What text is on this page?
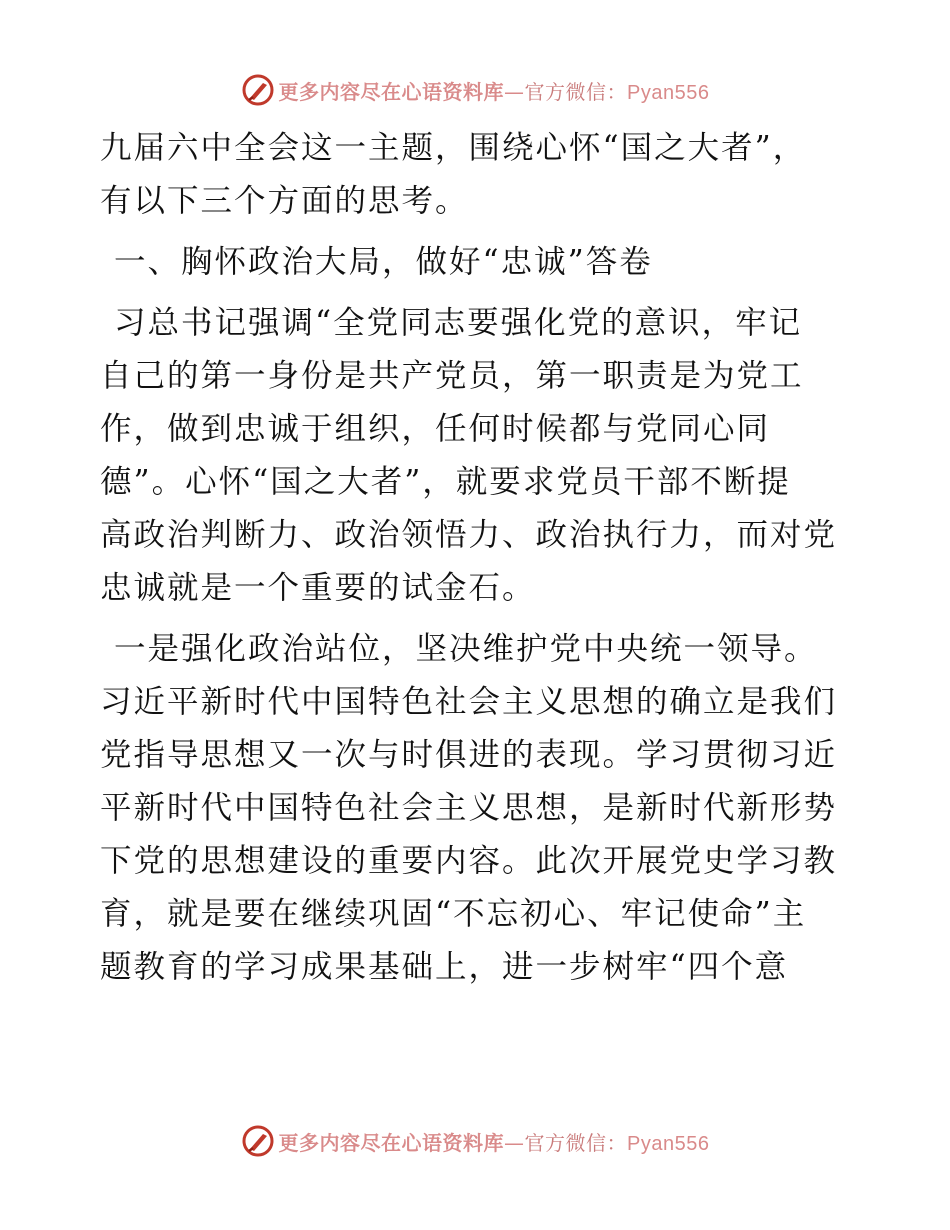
更多内容尽在心语资料库—官方微信：Pyan556

九届六中全会这一主题，围绕心怀“国之大者”，
有以下三个方面的思考。

一、胸怀政治大局，做好“忠诚”答卷

习总书记强调“全党同志要强化党的意识，牢记
自己的第一身份是共产党员，第一职责是为党工
作，做到忠诚于组织，任何时候都与党同心同
德”。心怀“国之大者”，就要求党员干部不断提
高政治判断力、政治领悟力、政治执行力，而对党
忠诚就是一个重要的试金石。

一是强化政治站位，坚决维护党中央统一领导。
习近平新时代中国特色社会主义思想的确立是我们
党指导思想又一次与时俱进的表现。学习贯彻习近
平新时代中国特色社会主义思想，是新时代新形势
下党的思想建设的重要内容。此次开展党史学习教
育，就是要在继续巩固“不忘初心、牢记使命”主
题教育的学习成果基础上，进一步树牢“四个意

更多内容尽在心语资料库—官方微信：Pyan556
